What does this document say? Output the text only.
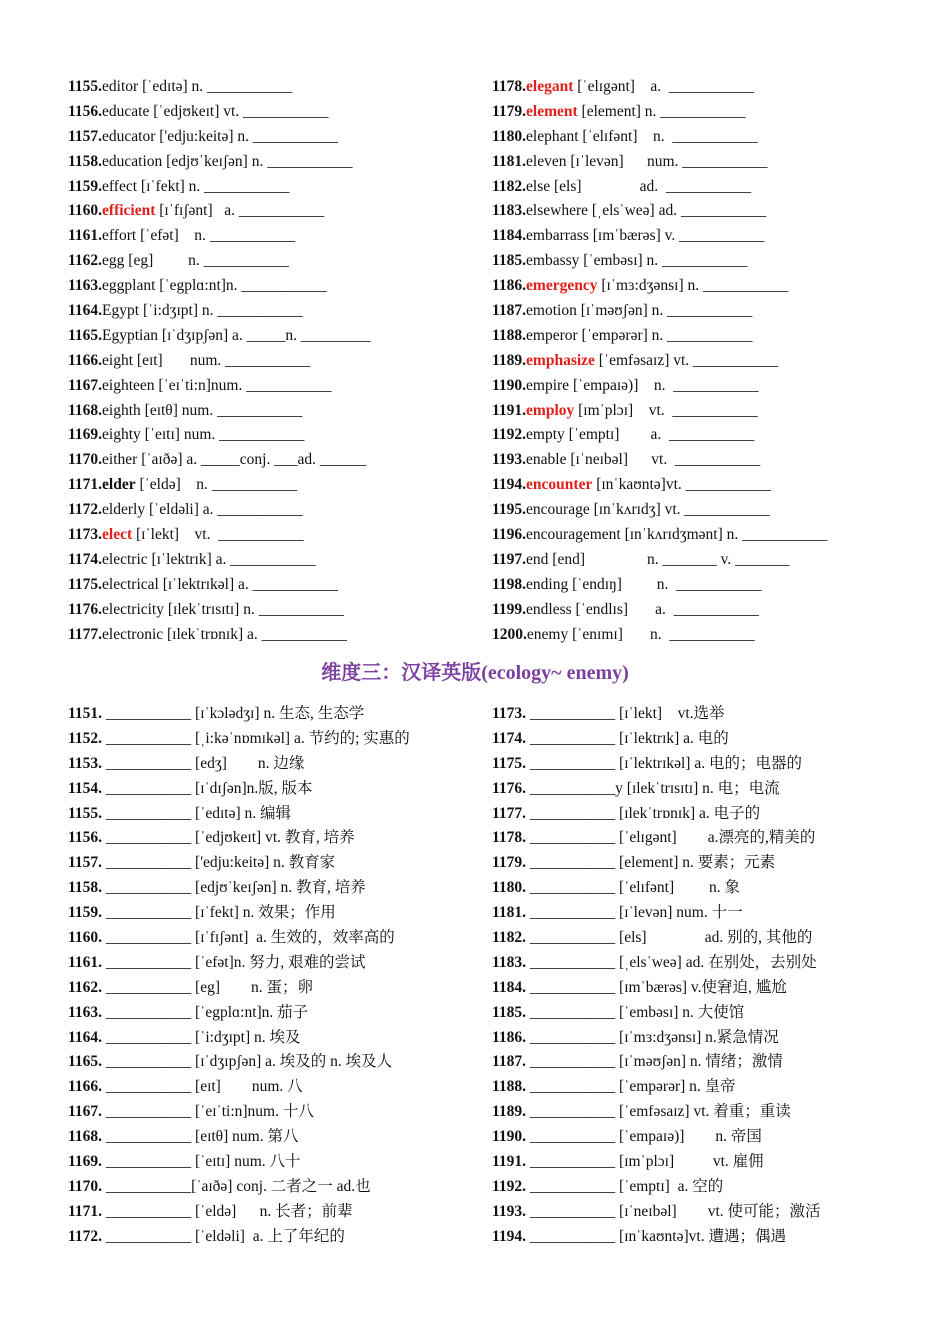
1155.editor [ˈedɪtə] n. ___________
1156.educate [ˈedjʊkeɪt] vt. ___________
1157.educator ['edju:keitə] n. ___________
1158.education [edjʊˈkeɪʃən] n. ___________
1159.effect [ɪˈfekt] n. ___________
1160.efficient [ɪˈfɪʃənt]   a. ___________
1161.effort [ˈefət]    n. ___________
1162.egg [eg]         n. ___________
1163.eggplant [ˈegplɑ:nt]n. ___________
1164.Egypt [ˈi:dʒɪpt] n. ___________
1165.Egyptian [ɪˈdʒɪpʃən] a. _____n. _________
1166.eight [eɪt]       num. ___________
1167.eighteen [ˈeɪˈti:n]num. ___________
1168.eighth [eɪtθ] num. ___________
1169.eighty [ˈeɪtɪ] num. ___________
1170.either [ˈaɪðə] a. _____conj. ___ad. ______
1171.elder [ˈeldə]    n. ___________
1172.elderly [ˈeldəli] a. ___________
1173.elect [ɪˈlekt]    vt.  ___________
1174.electric [ɪˈlektrɪk] a. ___________
1175.electrical [ɪˈlektrɪkəl] a. ___________
1176.electricity [ɪlekˈtrɪsɪtɪ] n. ___________
1177.electronic [ɪlekˈtrɒnɪk] a. ___________
1178.elegant [ˈelɪgənt]    a.  ___________
1179.element [element] n. ___________
1180.elephant [ˈelɪfənt]    n.  ___________
1181.eleven [ɪˈlevən]      num. ___________
1182.else [els]               ad.  ___________
1183.elsewhere [ˌelsˈweə] ad. ___________
1184.embarrass [ɪmˈbærəs] v. ___________
1185.embassy [ˈembəsɪ] n. ___________
1186.emergency [ɪˈmɜ:dʒənsɪ] n. ___________
1187.emotion [ɪˈməʊʃən] n. ___________
1188.emperor [ˈempərər] n. ___________
1189.emphasize [ˈemfəsaɪz] vt. ___________
1190.empire [ˈempaɪə)]    n.  ___________
1191.employ [ɪmˈplɔɪ]    vt.  ___________
1192.empty [ˈemptɪ]        a.  ___________
1193.enable [ɪˈneɪbəl]      vt.  ___________
1194.encounter [ɪnˈkaʊntə]vt. ___________
1195.encourage [ɪnˈkʌrɪdʒ] vt. ___________
1196.encouragement [ɪnˈkʌrɪdʒmənt] n. ___________
1197.end [end]                n. _______ v. _______
1198.ending [ˈendɪŋ]         n.  ___________
1199.endless [ˈendlɪs]       a.  ___________
1200.enemy [ˈenɪmɪ]       n.  ___________
维度三：汉译英版(ecology~ enemy)
1151. ___________ [ɪˈkɔlədʒɪ] n. 生态, 生态学
1152. ___________ [ˌi:kəˈnɒmɪkəl] a. 节约的; 实惠的
1153. ___________ [edʒ]        n. 边缘
1154. ___________ [ɪˈdɪʃən]n.版, 版本
1155. ___________ [ˈedɪtə] n. 编辑
1156. ___________ [ˈedjʊkeɪt] vt. 教育, 培养
1157. ___________ ['edju:keitə] n. 教育家
1158. ___________ [edjʊˈkeɪʃən] n. 教育, 培养
1159. ___________ [ɪˈfekt] n. 效果；作用
1160. ___________ [ɪˈfɪʃənt]  a. 生效的，效率高的
1161. ___________ [ˈefət]n. 努力, 艰难的尝试
1162. ___________ [eg]        n. 蛋；卵
1163. ___________ [ˈegplɑ:nt]n. 茄子
1164. ___________ [ˈi:dʒɪpt] n. 埃及
1165. ___________ [ɪˈdʒɪpʃən] a. 埃及的 n. 埃及人
1166. ___________ [eɪt]        num. 八
1167. ___________ [ˈeɪˈti:n]num. 十八
1168. ___________ [eɪtθ] num. 第八
1169. ___________ [ˈeɪtɪ] num. 八十
1170. ___________[ˈaɪðə] conj. 二者之一 ad.也
1171. ___________ [ˈeldə]      n. 长者；前辈
1172. ___________ [ˈeldəli]  a. 上了年纪的
1173. ___________ [ɪˈlekt]    vt.选举
1174. ___________ [ɪˈlektrɪk] a. 电的
1175. ___________ [ɪˈlektrɪkəl] a. 电的；电器的
1176. ___________y [ɪlekˈtrɪsɪtɪ] n. 电；电流
1177. ___________ [ɪlekˈtrɒnɪk] a. 电子的
1178. ___________ [ˈelɪgənt]        a.漂亮的,精美的
1179. ___________ [element] n. 要素；元素
1180. ___________ [ˈelɪfənt]         n. 象
1181. ___________ [ɪˈlevən] num. 十一
1182. ___________ [els]               ad. 别的, 其他的
1183. ___________ [ˌelsˈweə] ad. 在别处，去别处
1184. ___________ [ɪmˈbærəs] v.使窘迫, 尴尬
1185. ___________ [ˈembəsɪ] n. 大使馆
1186. ___________ [ɪˈmɜ:dʒənsɪ] n.紧急情况
1187. ___________ [ɪˈməʊʃən] n. 情绪；激情
1188. ___________ [ˈempərər] n. 皇帝
1189. ___________ [ˈemfəsaɪz] vt. 着重；重读
1190. ___________ [ˈempaɪə)]        n. 帝国
1191. ___________ [ɪmˈplɔɪ]          vt. 雇佣
1192. ___________ [ˈemptɪ]  a. 空的
1193. ___________ [ɪˈneɪbəl]        vt. 使可能；激活
1194. ___________ [ɪnˈkaʊntə]vt. 遭遇；偶遇
